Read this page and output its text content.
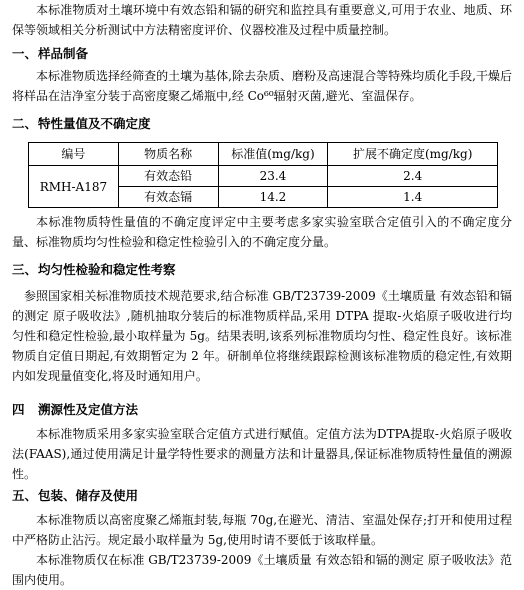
本标准物质对土壤环境中有效态铅和镉的研究和监控具有重要意义,可用于农业、地质、环保等领域相关分析测试中方法精密度评价、仪器校准及过程中质量控制。

一、样品制备

本标准物质选择经筛查的土壤为基体,除去杂质、磨粉及高速混合等特殊均质化手段,干燥后将样品在洁净室分装于高密度聚乙烯瓶中,经 Co⁶⁰辐射灭菌,避光、室温保存。

二、特性量值及不确定度
编号	物质名称	标准值(mg/kg)	扩展不确定度(mg/kg)
RMH-A187	有效态铅	23.4	2.4
	有效态镉	14.2	1.4

本标准物质特性量值的不确定度评定中主要考虑多家实验室联合定值引入的不确定度分量、标准物质均匀性检验和稳定性检验引入的不确定度分量。

三、均匀性检验和稳定性考察

参照国家相关标准物质技术规范要求,结合标准 GB/T23739-2009《土壤质量 有效态铅和镉的测定 原子吸收法》,随机抽取分装后的标准物质样品,采用 DTPA 提取-火焰原子吸收进行均匀性和稳定性检验,最小取样量为 5g。结果表明,该系列标准物质均匀性、稳定性良好。该标准物质自定值日期起,有效期暂定为 2 年。研制单位将继续跟踪检测该标准物质的稳定性,有效期内如发现量值变化,将及时通知用户。

四 溯源性及定值方法

本标准物质采用多家实验室联合定值方式进行赋值。定值方法为DTPA提取-火焰原子吸收法(FAAS),通过使用满足计量学特性要求的测量方法和计量器具,保证标准物质特性量值的溯源性。

五、包装、储存及使用

本标准物质以高密度聚乙烯瓶封装,每瓶 70g,在避光、清洁、室温处保存;打开和使用过程中严格防止沾污。规定最小取样量为 5g,使用时请不要低于该取样量。

本标准物质仅在标准 GB/T23739-2009《土壤质量 有效态铅和镉的测定 原子吸收法》范围内使用。
